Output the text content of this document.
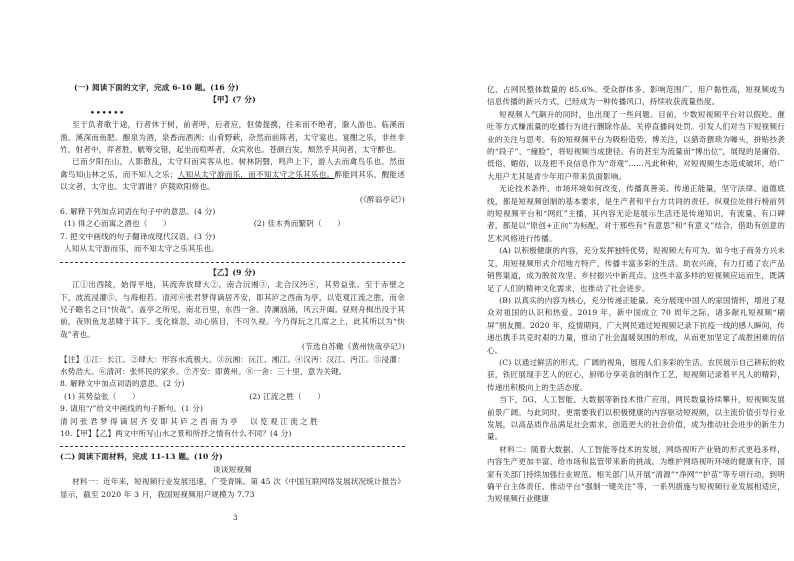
(一) 阅读下面的文字，完成 6-10 题。(16 分)

【甲】(7 分)

••••••

至于负者歌于途，行者休于树，前者呼，后者应，伛偻提携，往来而不绝者，滁人游也。临溪而渔，溪深而鱼肥。酿泉为酒，泉香而酒洌；山肴野蔌，杂然而前陈者，太守宴也。宴酣之乐，非丝非竹，射者中，弈者胜，觥筹交错，起坐而喧哗者，众宾欢也。苍颜白发，颓然乎其间者，太守醉也。

已而夕阳在山，人影散乱，太守归而宾客从也。树林阴翳，鸣声上下，游人去而禽鸟乐也。然而禽鸟知山林之乐，而不知人之乐；人知从太守游而乐，而不知太守之乐其乐也。醉能同其乐，醒能述以文者，太守也。太守谓谁？庐陵欧阳修也。

(《醉翁亭记》)

6. 解释下列加点词语在句子中的意思。(4 分)

(1) 得之心而寓之酒也（　　）	(2) 佳木秀而繁阴（　　）

7. 把文中画线的句子翻译成现代汉语。(3 分)

人知从太守游而乐，而不知太守之乐其乐也。

【乙】(9 分)

江①出西陵，始得平地，其流奔放肆大②。南合沅湘③，北合汉沔④，其势益张。至于赤壁之下，波流浸灌⑤，与海相若。清河⑥张君梦得谪居齐安，即其庐之西南为亭，以览观江流之胜，而余兄子瞻名之曰“快哉”。盖亭之所见，南北百里，东西一舍。涛澜汹涌，风云开阖。昼则舟楫出没于其前，夜则鱼龙悲啸于其下。变化倏忽，动心骇目，不可久视。今乃得玩之几席之上，此其所以为“快哉”者也。

(节选自苏辙《黄州快哉亭记》)

【注】①江：长江。②肆大：形容水流极大。③沅湘：沅江、湘江。④汉沔：汉江、沔江。⑤浸灌：水势浩大。⑥清河：张怀民的家乡。⑦齐安：即黄州。⑧一舍：三十里，意为关键。

8. 解释文中加点词语的意思。(2 分)

(1) 其势益张（　　）	(2) 江流之胜（　　）

9. 请用“/”给文中画线的句子断句。(1 分)

清 河 张 君 梦 得 谪 居 齐 安 即 其 庐 之 西 南 为 亭 　 以 览 观 江 流 之 胜

10.【甲】【乙】两文中所写山水之景和所抒之情有什么不同？(4 分)

(二) 阅读下面材料，完成 11-13 题。(10 分)

谈谈短视频

材料一：近年来，短视频行业发展迅速，广受青睐。第 45 次《中国互联网络发展状况统计报告》显示，截至 2020 年 3 月，我国短视频用户规模为 7.73

3

亿，占网民整体数量的 85.6%。受众群体多、影响范围广、用户黏性高，短视频成为信息传播的新兴方式，已经成为一种传播风口，持续收获流量热度。

短视频人气飙升的同时，也出现了一些问题。目前，少数短视频平台对以假吃、催吐等方式赚流量的吃播行为进行删除作品、关停直播间处罚。引发人们对当下短视频行业的关注与思考。有的短视频平台为吸粉造势、博关注，以猎奇猥琐为噱头，拼贴抄袭的“段子”、“撞脸”，将短视频当成捷径。有的甚至为流量而“博出位”，展现的是庸俗、低俗、媚俗，以及把不良信息作为“奇观”……凡此种种，对短视频生态造成破坏，给广大用户尤其是青少年用户带来负面影响。

无论技术条件、市场环境如何改变，传播真善美、传递正能量，坚守法律、道德底线，都是短视频创制的基本要求，是生产者和平台方共同的责任。纵观位处排行榜前列的短视频平台和“网红”主播，其内容无论是展示生活还是传递知识，有流量、有口碑者，都是以“原创+正向”为标配，对于那些有“有意思”和“有意义”结合，借助有创意的艺术风格进行传播。

(A) 以积极健康的内容，充分发挥独特优势，短视频大有可为。如今电子商务方兴未艾，用短视频形式介绍地方特产，传播丰富多彩的生活。助农兴商，有力打通了农产品销售渠道，成为脱贫攻坚、乡村振兴中新亮点。这些丰富多样的短视频应运而生，既满足了人们的精神文化需求，也推动了社会进步。

(B) 以真实的内容为核心，充分传递正能量。充分展现中国人的家国情怀，增进了观众对祖国的认识和热爱。2019 年，新中国成立 70 周年之际，诸多献礼短视频“刷屏”朋友圈。2020 年，疫情期间，广大网民通过短视频记录下抗疫一线的感人瞬间，传递出携手共克时艰的力量，推动了社会温暖氛围的形成，从而更加坚定了战胜困难的信心。

(C) 以通过鲜活的形式、广阔的视角，展现人们多彩的生活。农民展示自己耕耘的收获，铁匠展现手艺人的匠心，厨师分享美食的制作工艺，短视频记录着平凡人的精彩，传递出积极向上的生活态度。

当下，5G、人工智能、大数据等新技术推广应用，网民数量持续攀升，短视频发展前景广阔。与此同时，更需要我们以积极健康的内容驱动短视频，以主流价值引导行业发展，以高品质作品满足社会需求，创造更大的社会价值，成为推动社会进步的新生力量。

材料二：随着大数据、人工智能等技术的发展，网络视听产业链的形式更趋多样，内容生产更加丰富，给市场和监管带来新的挑战。为维护网络视听环境的健康有序，国家有关部门持续加强行业规范。相关部门从开展“清源”“净网”“护苗”等专项行动，到明确平台主体责任、推动平台“强制一键关注”等，一系列措施与短视频行业发展相适应，为短视频行业健康
